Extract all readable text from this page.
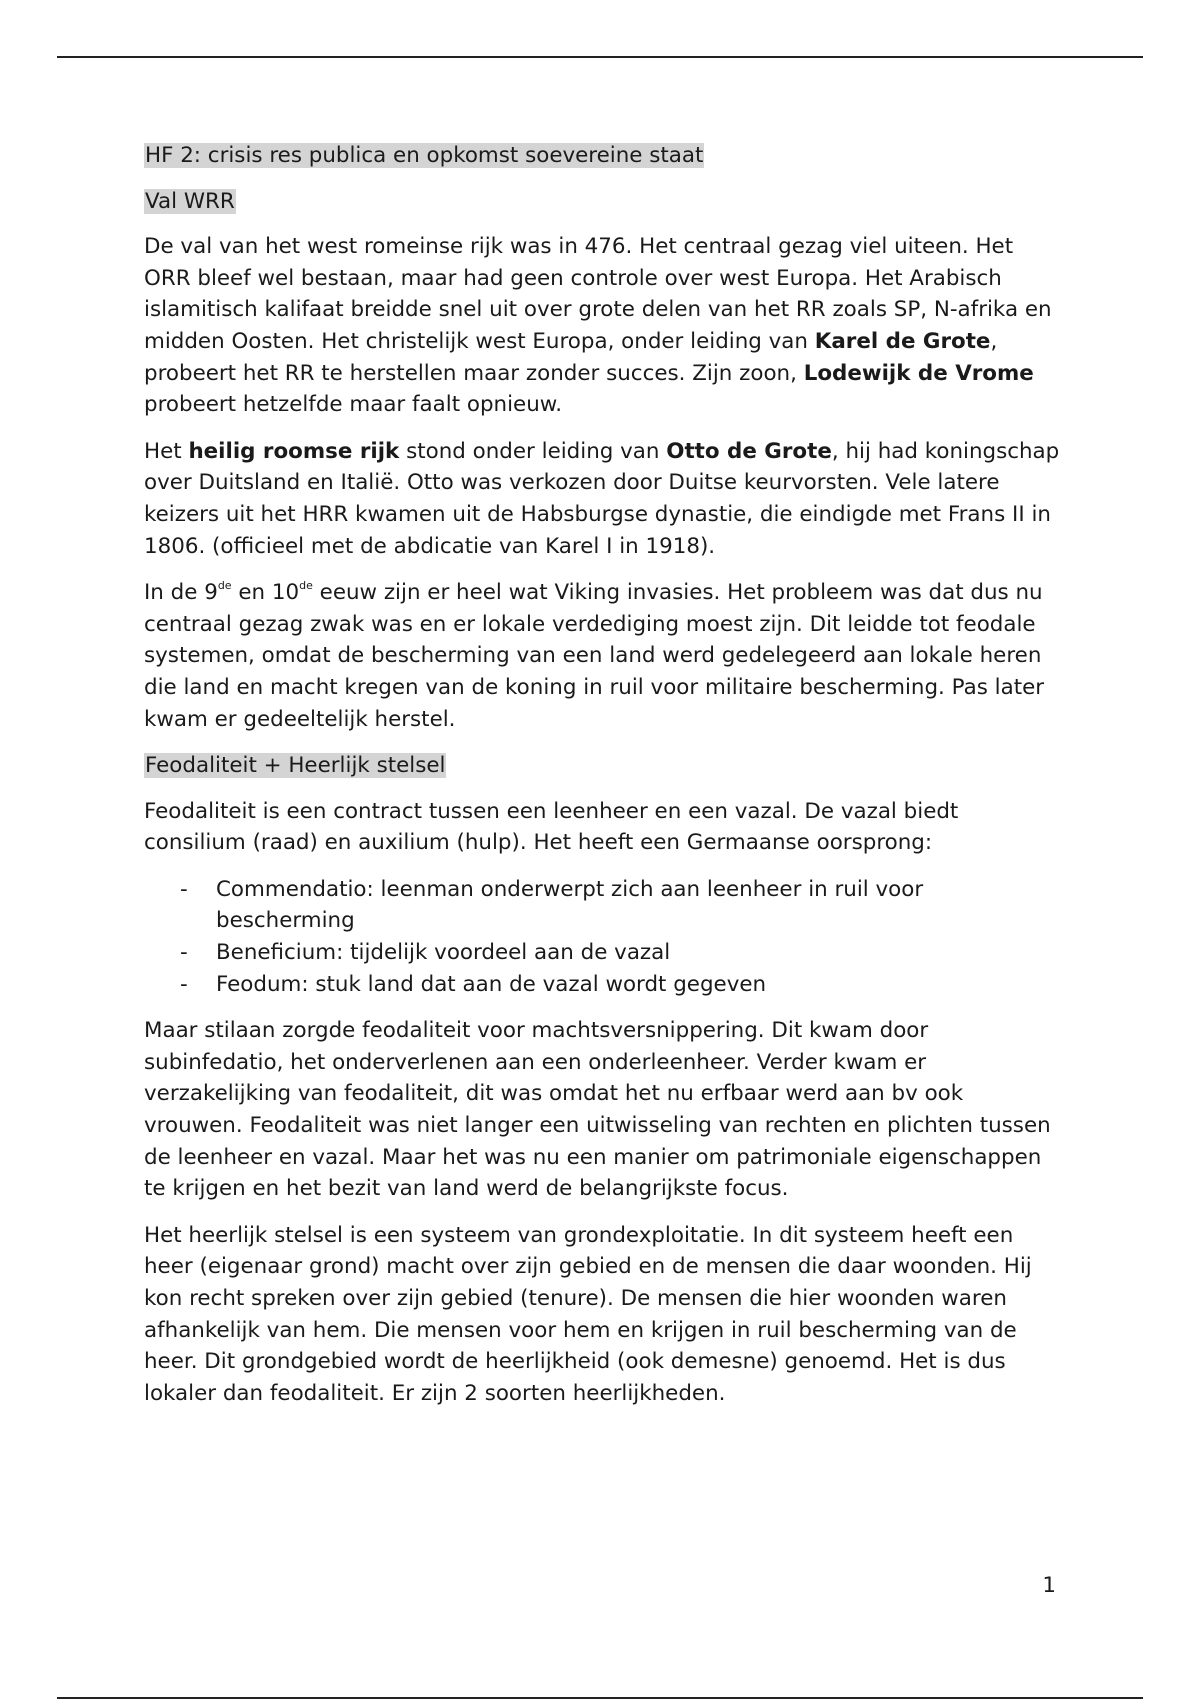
HF 2: crisis res publica en opkomst soevereine staat
Val WRR

De val van het west romeinse rijk was in 476. Het centraal gezag viel uiteen. Het ORR bleef wel bestaan, maar had geen controle over west Europa. Het Arabisch islamitisch kalifaat breidde snel uit over grote delen van het RR zoals SP, N-afrika en midden Oosten. Het christelijk west Europa, onder leiding van Karel de Grote, probeert het RR te herstellen maar zonder succes. Zijn zoon, Lodewijk de Vrome probeert hetzelfde maar faalt opnieuw.

Het heilig roomse rijk stond onder leiding van Otto de Grote, hij had koningschap over Duitsland en Italië. Otto was verkozen door Duitse keurvorsten. Vele latere keizers uit het HRR kwamen uit de Habsburgse dynastie, die eindigde met Frans II in 1806. (officieel met de abdicatie van Karel I in 1918).

In de 9de en 10de eeuw zijn er heel wat Viking invasies. Het probleem was dat dus nu centraal gezag zwak was en er lokale verdediging moest zijn. Dit leidde tot feodale systemen, omdat de bescherming van een land werd gedelegeerd aan lokale heren die land en macht kregen van de koning in ruil voor militaire bescherming. Pas later kwam er gedeeltelijk herstel.

Feodaliteit + Heerlijk stelsel

Feodaliteit is een contract tussen een leenheer en een vazal. De vazal biedt consilium (raad) en auxilium (hulp). Het heeft een Germaanse oorsprong:

- Commendatio: leenman onderwerpt zich aan leenheer in ruil voor bescherming
- Beneficium: tijdelijk voordeel aan de vazal
- Feodum: stuk land dat aan de vazal wordt gegeven

Maar stilaan zorgde feodaliteit voor machtsversnippering. Dit kwam door subinfedatio, het onderverlenen aan een onderleenheer. Verder kwam er verzakelijking van feodaliteit, dit was omdat het nu erfbaar werd aan bv ook vrouwen. Feodaliteit was niet langer een uitwisseling van rechten en plichten tussen de leenheer en vazal. Maar het was nu een manier om patrimoniale eigenschappen te krijgen en het bezit van land werd de belangrijkste focus.

Het heerlijk stelsel is een systeem van grondexploitatie. In dit systeem heeft een heer (eigenaar grond) macht over zijn gebied en de mensen die daar woonden. Hij kon recht spreken over zijn gebied (tenure). De mensen die hier woonden waren afhankelijk van hem. Die mensen voor hem en krijgen in ruil bescherming van de heer. Dit grondgebied wordt de heerlijkheid (ook demesne) genoemd. Het is dus lokaler dan feodaliteit. Er zijn 2 soorten heerlijkheden.

1
